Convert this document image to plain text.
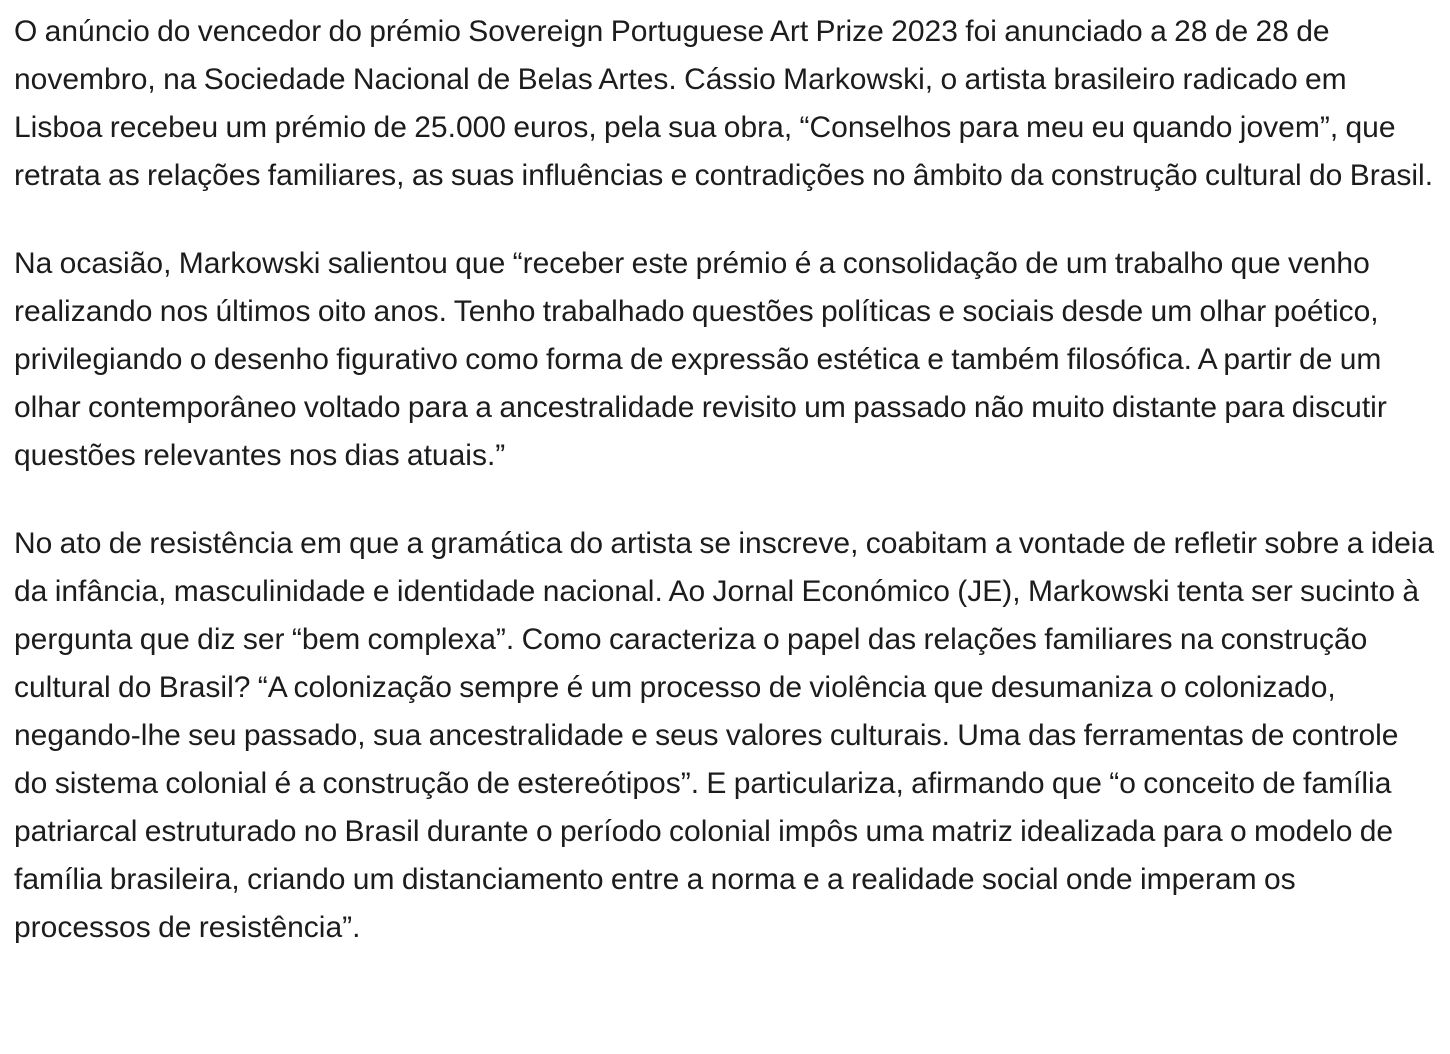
O anúncio do vencedor do prémio Sovereign Portuguese Art Prize 2023 foi anunciado a 28 de 28 de novembro, na Sociedade Nacional de Belas Artes. Cássio Markowski, o artista brasileiro radicado em Lisboa recebeu um prémio de 25.000 euros, pela sua obra, “Conselhos para meu eu quando jovem”, que retrata as relações familiares, as suas influências e contradições no âmbito da construção cultural do Brasil.

Na ocasião, Markowski salientou que “receber este prémio é a consolidação de um trabalho que venho realizando nos últimos oito anos. Tenho trabalhado questões políticas e sociais desde um olhar poético, privilegiando o desenho figurativo como forma de expressão estética e também filosófica. A partir de um olhar contemporâneo voltado para a ancestralidade revisito um passado não muito distante para discutir questões relevantes nos dias atuais.”

No ato de resistência em que a gramática do artista se inscreve, coabitam a vontade de refletir sobre a ideia da infância, masculinidade e identidade nacional. Ao Jornal Económico (JE), Markowski tenta ser sucinto à pergunta que diz ser “bem complexa”. Como caracteriza o papel das relações familiares na construção cultural do Brasil? “A colonização sempre é um processo de violência que desumaniza o colonizado, negando-lhe seu passado, sua ancestralidade e seus valores culturais. Uma das ferramentas de controle do sistema colonial é a construção de estereótipos”. E particulariza, afirmando que “o conceito de família patriarcal estruturado no Brasil durante o período colonial impôs uma matriz idealizada para o modelo de família brasileira, criando um distanciamento entre a norma e a realidade social onde imperam os processos de resistência”.
